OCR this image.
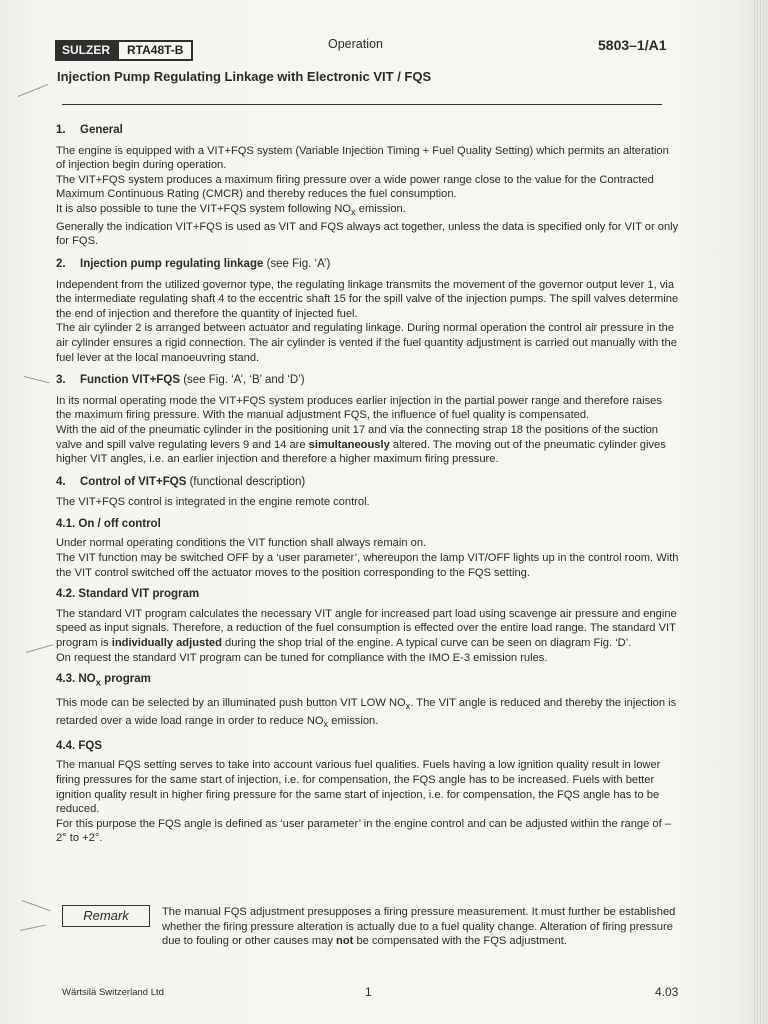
SULZER	RTA48T-B	Operation	5803–1/A1
Injection Pump Regulating Linkage with Electronic VIT / FQS
1. General

The engine is equipped with a VIT+FQS system (Variable Injection Timing + Fuel Quality Setting) which permits an alteration of injection begin during operation.

The VIT+FQS system produces a maximum firing pressure over a wide power range close to the value for the Contracted Maximum Continuous Rating (CMCR) and thereby reduces the fuel consumption.

It is also possible to tune the VIT+FQS system following $NO_x$ emission.

Generally the indication VIT+FQS is used as VIT and FQS always act together, unless the data is specified only for VIT or only for FQS.

2. Injection pump regulating linkage (see Fig. ‘A’)

Independent from the utilized governor type, the regulating linkage transmits the movement of the governor output lever 1, via the intermediate regulating shaft 4 to the eccentric shaft 15 for the spill valve of the injection pumps. The spill valves determine the end of injection and therefore the quantity of injected fuel.

The air cylinder 2 is arranged between actuator and regulating linkage. During normal operation the control air pressure in the air cylinder ensures a rigid connection. The air cylinder is vented if the fuel quantity adjustment is carried out manually with the fuel lever at the local manoeuvring stand.

3. Function VIT+FQS (see Fig. ‘A’, ‘B’ and ‘D’)

In its normal operating mode the VIT+FQS system produces earlier injection in the partial power range and therefore raises the maximum firing pressure. With the manual adjustment FQS, the influence of fuel quality is compensated.

With the aid of the pneumatic cylinder in the positioning unit 17 and via the connecting strap 18 the positions of the suction valve and spill valve regulating levers 9 and 14 are simultaneously altered. The moving out of the pneumatic cylinder gives higher VIT angles, i.e. an earlier injection and therefore a higher maximum firing pressure.

4. Control of VIT+FQS (functional description)

The VIT+FQS control is integrated in the engine remote control.

4.1. On / off control

Under normal operating conditions the VIT function shall always remain on.

The VIT function may be switched OFF by a ‘user parameter’, whereupon the lamp VIT/OFF lights up in the control room. With the VIT control switched off the actuator moves to the position corresponding to the FQS setting.

4.2. Standard VIT program

The standard VIT program calculates the necessary VIT angle for increased part load using scavenge air pressure and engine speed as input signals. Therefore, a reduction of the fuel consumption is effected over the entire load range. The standard VIT program is individually adjusted during the shop trial of the engine. A typical curve can be seen on diagram Fig. ‘D’.

On request the standard VIT program can be tuned for compliance with the IMO E-3 emission rules.

4.3. $NO_x$ program

This mode can be selected by an illuminated push button VIT LOW $NO_x$. The VIT angle is reduced and thereby the injection is retarded over a wide load range in order to reduce $NO_x$ emission.

4.4. FQS

The manual FQS setting serves to take into account various fuel qualities. Fuels having a low ignition quality result in lower firing pressures for the same start of injection, i.e. for compensation, the FQS angle has to be increased. Fuels with better ignition quality result in higher firing pressure for the same start of injection, i.e. for compensation, the FQS angle has to be reduced.

For this purpose the FQS angle is defined as ‘user parameter’ in the engine control and can be adjusted within the range of –2° to +2°.

Remark	The manual FQS adjustment presupposes a firing pressure measurement. It must further be established whether the firing pressure alteration is actually due to a fuel quality change. Alteration of firing pressure due to fouling or other causes may not be compensated with the FQS adjustment.
Wärtsilä Switzerland Ltd	1	4.03
